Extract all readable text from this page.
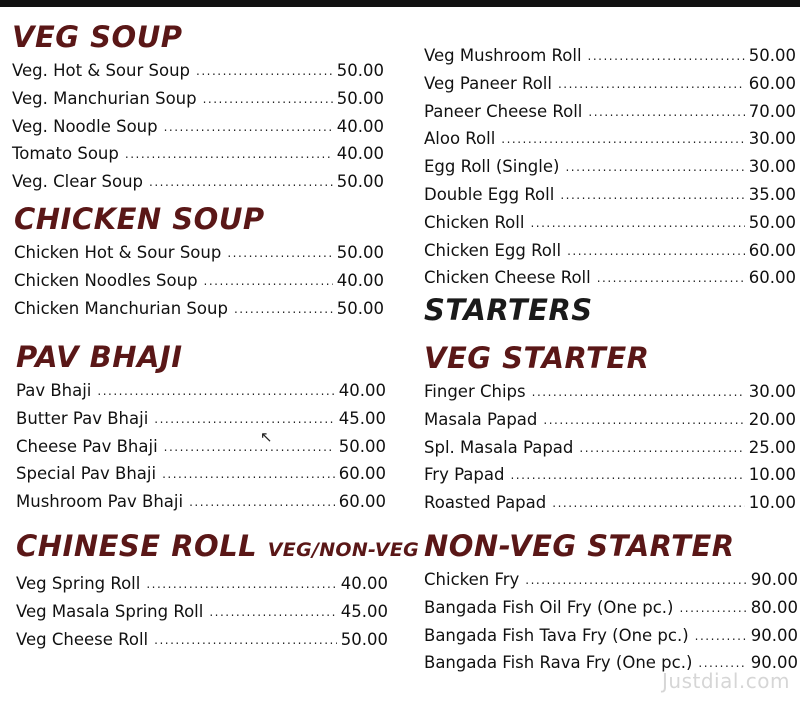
VEG SOUP
Veg. Hot & Sour Soup .....	50.00
Veg. Manchurian Soup .....	50.00
Veg. Noodle Soup .....	40.00
Tomato Soup .....	40.00
Veg. Clear Soup .....	50.00
CHICKEN SOUP
Chicken Hot & Sour Soup .....	50.00
Chicken Noodles Soup .....	40.00
Chicken Manchurian Soup .....	50.00
PAV BHAJI
Pav Bhaji .....	40.00
Butter Pav Bhaji .....	45.00
Cheese Pav Bhaji .....	50.00
Special Pav Bhaji .....	60.00
Mushroom Pav Bhaji .....	60.00
CHINESE ROLL VEG/NON-VEG
Veg Spring Roll .....	40.00
Veg Masala Spring Roll .....	45.00
Veg Cheese Roll .....	50.00
Veg Mushroom Roll .....	50.00
Veg Paneer Roll .....	60.00
Paneer Cheese Roll .....	70.00
Aloo Roll .....	30.00
Egg Roll (Single) .....	30.00
Double Egg Roll .....	35.00
Chicken Roll .....	50.00
Chicken Egg Roll .....	60.00
Chicken Cheese Roll .....	60.00
STARTERS
VEG STARTER
Finger Chips .....	30.00
Masala Papad .....	20.00
Spl. Masala Papad .....	25.00
Fry Papad .....	10.00
Roasted Papad .....	10.00
NON-VEG STARTER
Chicken Fry .....	90.00
Bangada Fish Oil Fry (One pc.) .....	80.00
Bangada Fish Tava Fry (One pc.) .....	90.00
Bangada Fish Rava Fry (One pc.) .....	90.00
↖
Justdial.com
